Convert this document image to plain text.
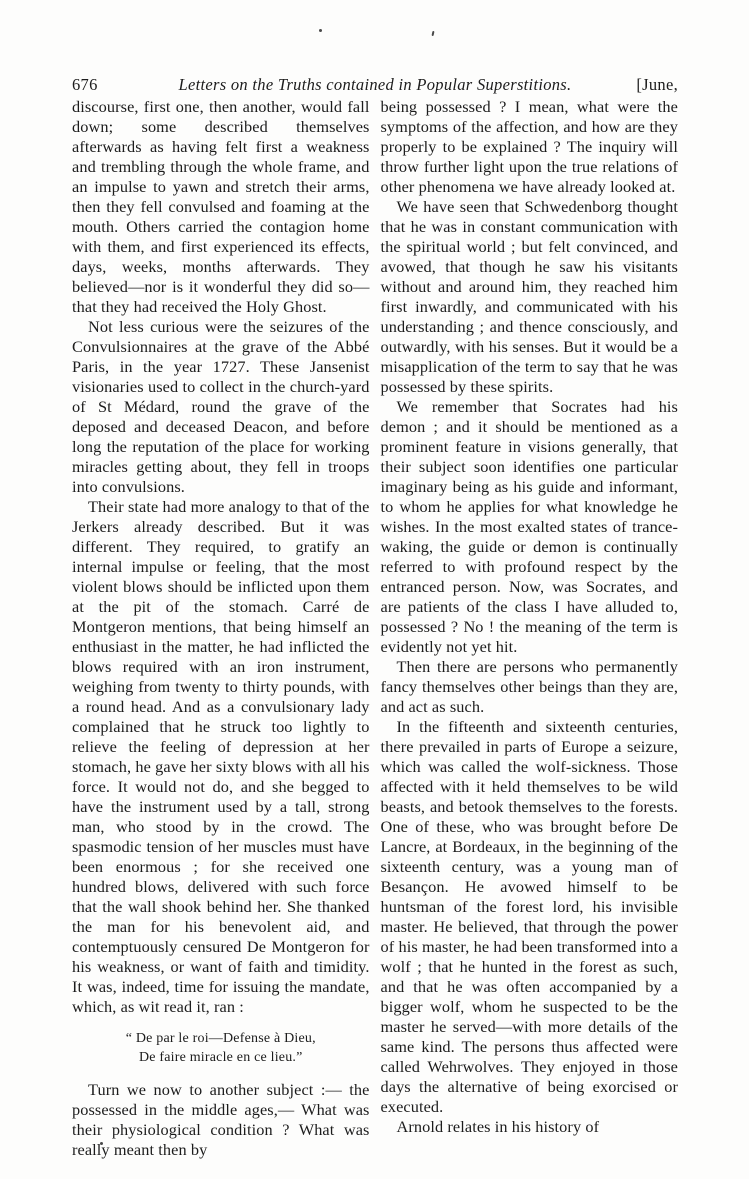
676	Letters on the Truths contained in Popular Superstitions.	[June,

discourse, first one, then another, would fall down; some described themselves afterwards as having felt first a weakness and trembling through the whole frame, and an impulse to yawn and stretch their arms, then they fell convulsed and foaming at the mouth. Others carried the contagion home with them, and first experienced its effects, days, weeks, months afterwards. They believed—nor is it wonderful they did so—that they had received the Holy Ghost.

Not less curious were the seizures of the Convulsionnaires at the grave of the Abbé Paris, in the year 1727. These Jansenist visionaries used to collect in the church-yard of St Médard, round the grave of the deposed and deceased Deacon, and before long the reputation of the place for working miracles getting about, they fell in troops into convulsions.

Their state had more analogy to that of the Jerkers already described. But it was different. They required, to gratify an internal impulse or feeling, that the most violent blows should be inflicted upon them at the pit of the stomach. Carré de Montgeron mentions, that being himself an enthusiast in the matter, he had inflicted the blows required with an iron instrument, weighing from twenty to thirty pounds, with a round head. And as a convulsionary lady complained that he struck too lightly to relieve the feeling of depression at her stomach, he gave her sixty blows with all his force. It would not do, and she begged to have the instrument used by a tall, strong man, who stood by in the crowd. The spasmodic tension of her muscles must have been enormous ; for she received one hundred blows, delivered with such force that the wall shook behind her. She thanked the man for his benevolent aid, and contemptuously censured De Montgeron for his weakness, or want of faith and timidity. It was, indeed, time for issuing the mandate, which, as wit read it, ran :

“ De par le roi—Defense à Dieu,
De faire miracle en ce lieu.”

Turn we now to another subject :— the possessed in the middle ages,— What was their physiological condition ? What was really meant then by

being possessed ? I mean, what were the symptoms of the affection, and how are they properly to be explained ? The inquiry will throw further light upon the true relations of other phenomena we have already looked at.

We have seen that Schwedenborg thought that he was in constant communication with the spiritual world ; but felt convinced, and avowed, that though he saw his visitants without and around him, they reached him first inwardly, and communicated with his understanding ; and thence consciously, and outwardly, with his senses. But it would be a misapplication of the term to say that he was possessed by these spirits.

We remember that Socrates had his demon ; and it should be mentioned as a prominent feature in visions generally, that their subject soon identifies one particular imaginary being as his guide and informant, to whom he applies for what knowledge he wishes. In the most exalted states of trance-waking, the guide or demon is continually referred to with profound respect by the entranced person. Now, was Socrates, and are patients of the class I have alluded to, possessed ? No ! the meaning of the term is evidently not yet hit.

Then there are persons who permanently fancy themselves other beings than they are, and act as such.

In the fifteenth and sixteenth centuries, there prevailed in parts of Europe a seizure, which was called the wolf-sickness. Those affected with it held themselves to be wild beasts, and betook themselves to the forests. One of these, who was brought before De Lancre, at Bordeaux, in the beginning of the sixteenth century, was a young man of Besançon. He avowed himself to be huntsman of the forest lord, his invisible master. He believed, that through the power of his master, he had been transformed into a wolf ; that he hunted in the forest as such, and that he was often accompanied by a bigger wolf, whom he suspected to be the master he served—with more details of the same kind. The persons thus affected were called Wehrwolves. They enjoyed in those days the alternative of being exorcised or executed.

Arnold relates in his history of
